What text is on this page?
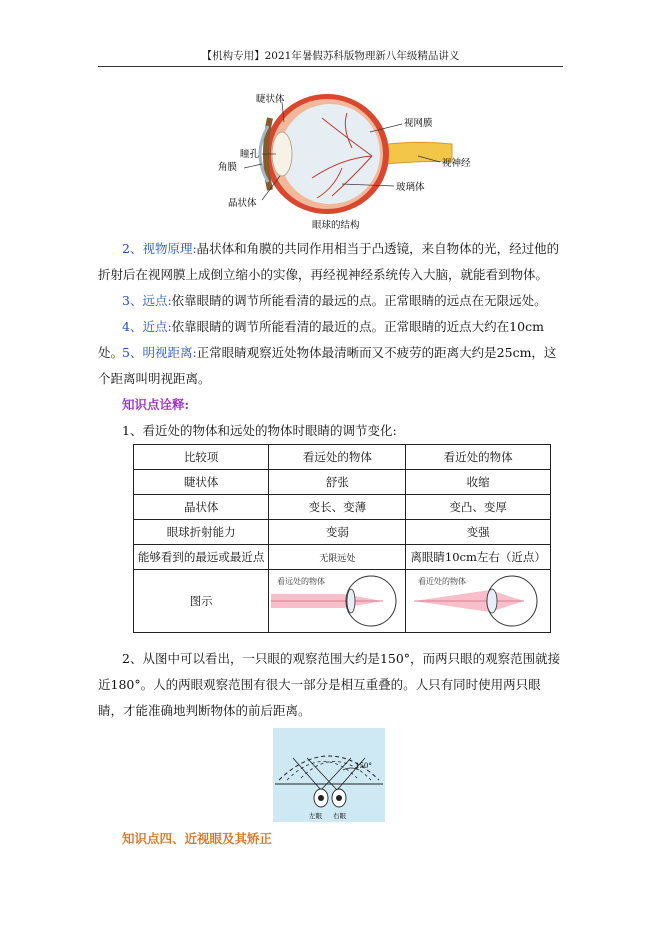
【机构专用】2021年暑假苏科版物理新八年级精品讲义
睫状体
瞳孔
角膜
晶状体
视网膜
视神经
玻璃体
眼球的结构
2、视物原理:晶状体和角膜的共同作用相当于凸透镜，来自物体的光，经过他的折射后在视网膜上成倒立缩小的实像，再经视神经系统传入大脑，就能看到物体。
3、远点:依靠眼睛的调节所能看清的最远的点。正常眼睛的远点在无限远处。
4、近点:依靠眼睛的调节所能看清的最近的点。正常眼睛的近点大约在10cm处。
5、明视距离:正常眼睛观察近处物体最清晰而又不疲劳的距离大约是25cm，这个距离叫明视距离。
知识点诠释:
1、看近处的物体和远处的物体时眼睛的调节变化:
比较项	看远处的物体	看近处的物体
睫状体	舒张	收缩
晶状体	变长、变薄	变凸、变厚
眼球折射能力	变弱	变强
能够看到的最远或最近点	无限远处	离眼睛10cm左右（近点）
图示	看远处的物体	看近处的物体
2、从图中可以看出，一只眼的观察范围大约是150°，而两只眼的观察范围就接近180°。人的两眼观察范围有很大一部分是相互重叠的。人只有同时使用两只眼睛，才能准确地判断物体的前后距离。
150°
左眼 右眼
知识点四、近视眼及其矫正
